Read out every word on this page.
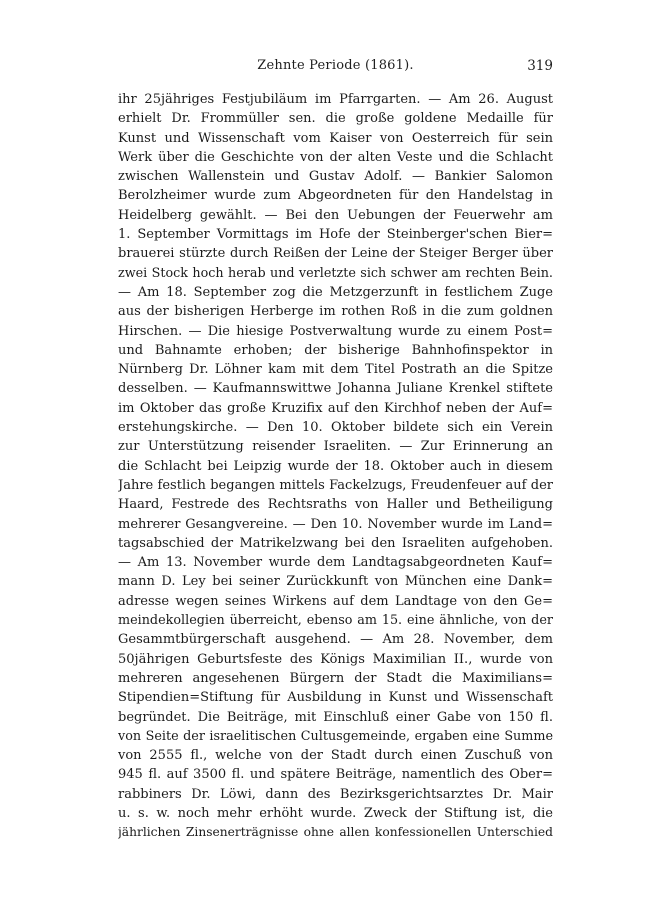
Zehnte Periode (1861).	319
ihr 25jähriges Festjubiläum im Pfarrgarten. — Am 26. August
erhielt Dr. Frommüller sen. die große goldene Medaille für
Kunst und Wissenschaft vom Kaiser von Oesterreich für sein
Werk über die Geschichte von der alten Veste und die Schlacht
zwischen Wallenstein und Gustav Adolf. — Bankier Salomon
Berolzheimer wurde zum Abgeordneten für den Handelstag in
Heidelberg gewählt. — Bei den Uebungen der Feuerwehr am
1. September Vormittags im Hofe der Steinberger'schen Bier=
brauerei stürzte durch Reißen der Leine der Steiger Berger über
zwei Stock hoch herab und verletzte sich schwer am rechten Bein.
— Am 18. September zog die Metzgerzunft in festlichem Zuge
aus der bisherigen Herberge im rothen Roß in die zum goldnen
Hirschen. — Die hiesige Postverwaltung wurde zu einem Post=
und Bahnamte erhoben; der bisherige Bahnhofinspektor in
Nürnberg Dr. Löhner kam mit dem Titel Postrath an die Spitze
desselben. — Kaufmannswittwe Johanna Juliane Krenkel stiftete
im Oktober das große Kruzifix auf den Kirchhof neben der Auf=
erstehungskirche. — Den 10. Oktober bildete sich ein Verein
zur Unterstützung reisender Israeliten. — Zur Erinnerung an
die Schlacht bei Leipzig wurde der 18. Oktober auch in diesem
Jahre festlich begangen mittels Fackelzugs, Freudenfeuer auf der
Haard, Festrede des Rechtsraths von Haller und Betheiligung
mehrerer Gesangvereine. — Den 10. November wurde im Land=
tagsabschied der Matrikelzwang bei den Israeliten aufgehoben.
— Am 13. November wurde dem Landtagsabgeordneten Kauf=
mann D. Ley bei seiner Zurückkunft von München eine Dank=
adresse wegen seines Wirkens auf dem Landtage von den Ge=
meindekollegien überreicht, ebenso am 15. eine ähnliche, von der
Gesammtbürgerschaft ausgehend. — Am 28. November, dem
50jährigen Geburtsfeste des Königs Maximilian II., wurde von
mehreren angesehenen Bürgern der Stadt die Maximilians=
Stipendien=Stiftung für Ausbildung in Kunst und Wissenschaft
begründet. Die Beiträge, mit Einschluß einer Gabe von 150 fl.
von Seite der israelitischen Cultusgemeinde, ergaben eine Summe
von 2555 fl., welche von der Stadt durch einen Zuschuß von
945 fl. auf 3500 fl. und spätere Beiträge, namentlich des Ober=
rabbiners Dr. Löwi, dann des Bezirksgerichtsarztes Dr. Mair
u. s. w. noch mehr erhöht wurde. Zweck der Stiftung ist, die
jährlichen Zinsenerträgnisse ohne allen konfessionellen Unterschied
